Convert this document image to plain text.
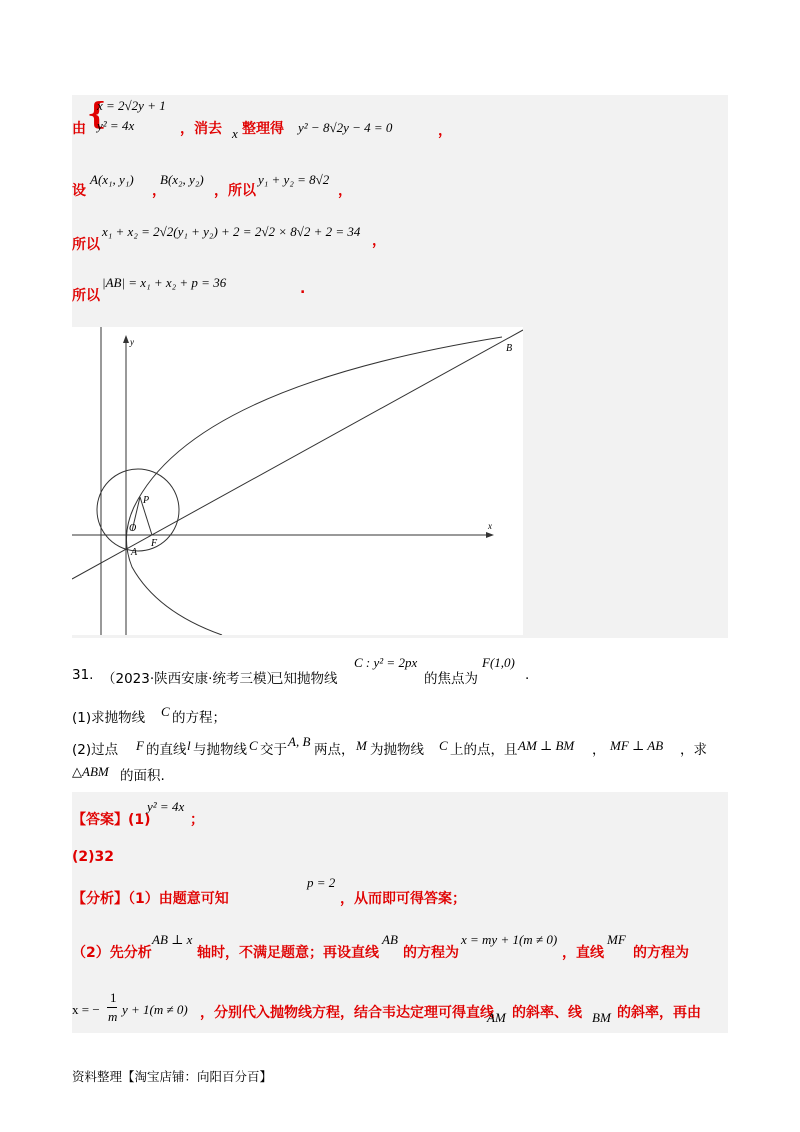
由 {
x = 2√2y + 1
y² = 4x	，消去 x 整理得 y² − 8√2y − 4 = 0	，
设
A(x₁, y₁)
，
B(x₂, y₂)
，所以
y₁ + y₂ = 8√2
，
所以
x₁ + x₂ = 2√2(y₁ + y₂) + 2 = 2√2 × 8√2 + 2 = 34
，
所以
|AB| = x₁ + x₂ + p = 36	.
y
x
B
P
O
F
A
31. （2023·陕西安康·统考三模）
已知抛物线
C : y² = 2px
的焦点为
F(1,0)
.
(1)求抛物线 C 的方程；
(2)过点 F 的直线 l 与抛物线 C 交于
A, B
两点， M 为抛物线 C 上的点，且 AM ⊥ BM ， MF ⊥ AB ，求
△ABM 的面积.
【答案】(1)
y² = 4x
；
(2)32
【分析】（1）由题意可知
p = 2
，从而即可得答案；
（2）先分析
AB ⊥ x
轴时，不满足题意；再设直线
AB
的方程为
x = my + 1(m ≠ 0)
，直线
MF
的方程为
x = −
1
m y + 1(m ≠ 0) ，分别代入抛物线方程，结合韦达定理可得直线
AM 的斜率、线 BM 的斜率，再由
资料整理【淘宝店铺：向阳百分百】
